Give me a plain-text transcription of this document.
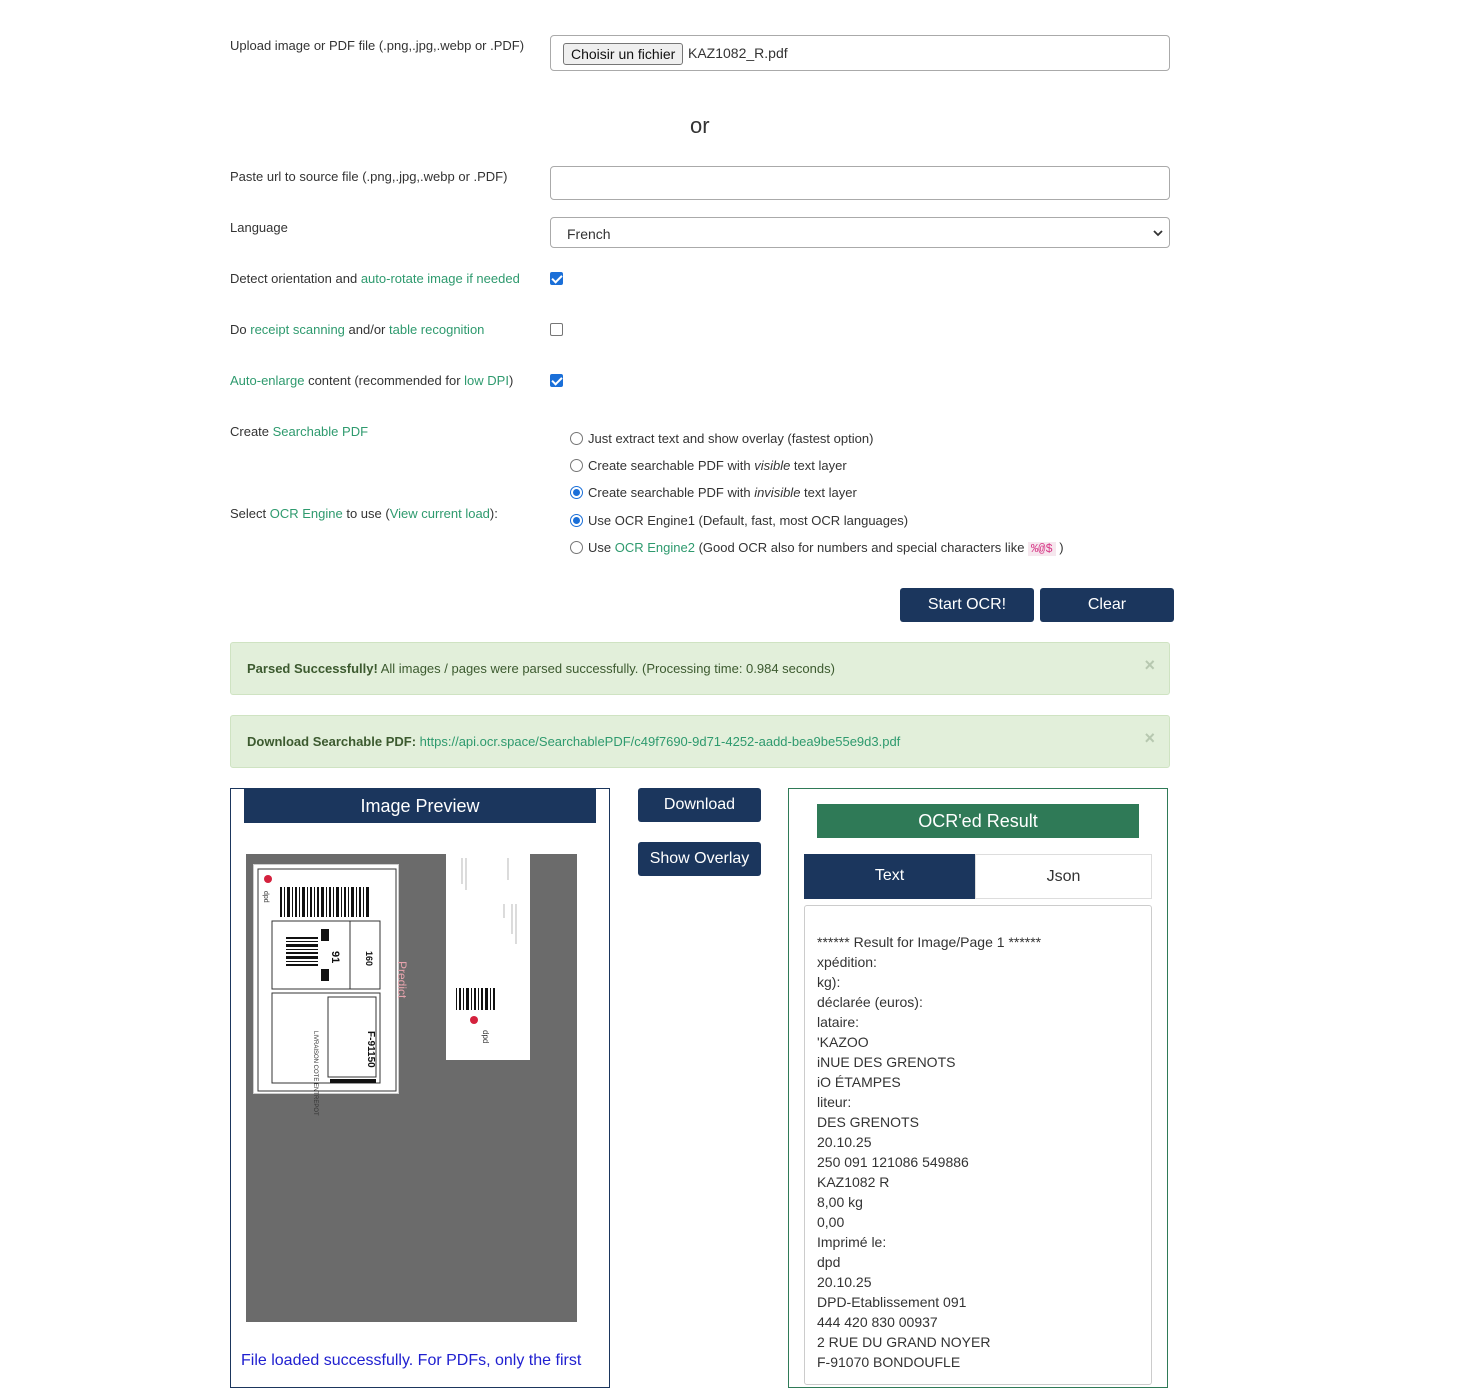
Upload image or PDF file (.png,.jpg,.webp or .PDF)
Choisir un fichier KAZ1082_R.pdf
or
Paste url to source file (.png,.jpg,.webp or .PDF)
Language	French
Detect orientation and auto-rotate image if needed
Do receipt scanning and/or table recognition
Auto-enlarge content (recommended for low DPI)
Create Searchable PDF	Just extract text and show overlay (fastest option)
Create searchable PDF with visible text layer
Create searchable PDF with invisible text layer
Select OCR Engine to use (View current load):	Use OCR Engine1 (Default, fast, most OCR languages)
Use OCR Engine2 (Good OCR also for numbers and special characters like %@$ )
Start OCR!	Clear
Parsed Successfully! All images / pages were parsed successfully. (Processing time: 0.984 seconds)	×
Download Searchable PDF: https://api.ocr.space/SearchablePDF/c49f7690-9d71-4252-aadd-bea9be55e9d3.pdf	×
Image Preview
dpd
91	160
Predict
F-91150
LIVRAISON COTE ENTREPOT	dpd
File loaded successfully. For PDFs, only the first
Download
Show Overlay
OCR'ed Result
Text	Json
****** Result for Image/Page 1 ******
xpédition:
kg):
déclarée (euros):
lataire:
'KAZOO
iNUE DES GRENOTS
iO ÉTAMPES
liteur:
DES GRENOTS
20.10.25
250 091 121086 549886
KAZ1082 R
8,00 kg
0,00
Imprimé le:
dpd
20.10.25
DPD-Etablissement 091
444 420 830 00937
2 RUE DU GRAND NOYER
F-91070 BONDOUFLE
